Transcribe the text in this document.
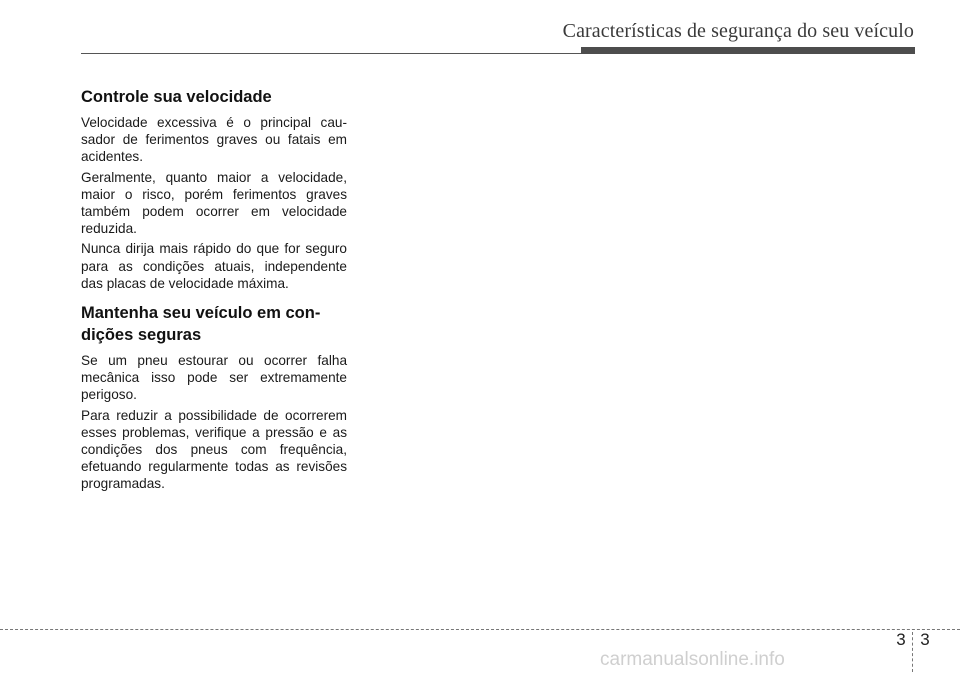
Características de segurança do seu veículo
Controle sua velocidade

Velocidade excessiva é o principal causador de ferimentos graves ou fatais em acidentes.

Geralmente, quanto maior a velocidade, maior o risco, porém ferimentos graves também podem ocorrer em velocidade reduzida.

Nunca dirija mais rápido do que for seguro para as condições atuais, independente das placas de velocidade máxima.

Mantenha seu veículo em condições seguras

Se um pneu estourar ou ocorrer falha mecânica isso pode ser extremamente perigoso.

Para reduzir a possibilidade de ocorrerem esses problemas, verifique a pressão e as condições dos pneus com frequência, efetuando regularmente todas as revisões programadas.

3 3
carmanualsonline.info
